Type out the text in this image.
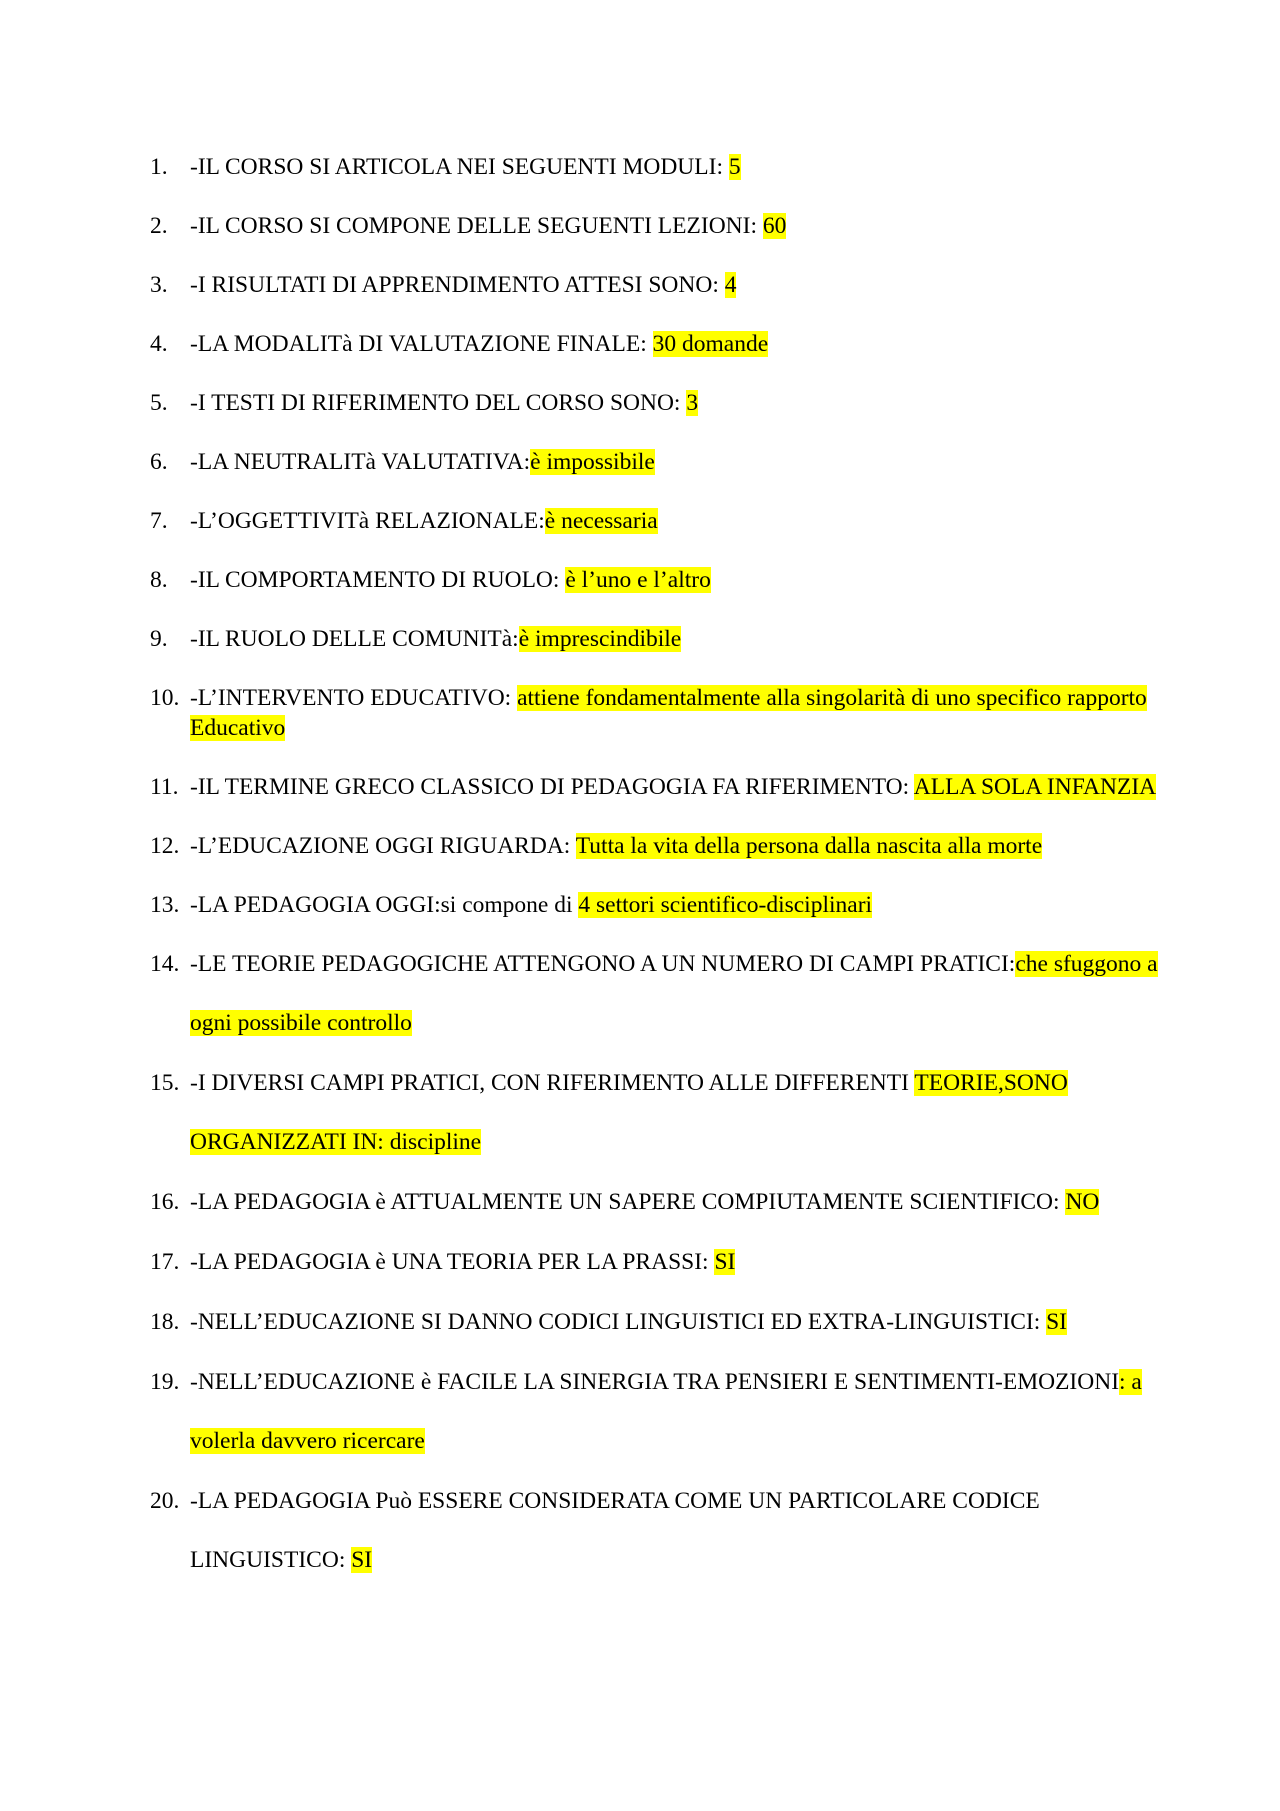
1. -IL CORSO SI ARTICOLA NEI SEGUENTI MODULI: 5
2. -IL CORSO SI COMPONE DELLE SEGUENTI LEZIONI: 60
3. -I RISULTATI DI APPRENDIMENTO ATTESI SONO: 4
4. -LA MODALITà DI VALUTAZIONE FINALE: 30 domande
5. -I TESTI DI RIFERIMENTO DEL CORSO SONO: 3
6. -LA NEUTRALITà VALUTATIVA:è impossibile
7. -L’OGGETTIVITà RELAZIONALE:è necessaria
8. -IL COMPORTAMENTO DI RUOLO: è l’uno e l’altro
9. -IL RUOLO DELLE COMUNITà:è imprescindibile
10. -L’INTERVENTO EDUCATIVO: attiene fondamentalmente alla singolarità di uno specifico rapporto Educativo
11. -IL TERMINE GRECO CLASSICO DI PEDAGOGIA FA RIFERIMENTO: ALLA SOLA INFANZIA
12. -L’EDUCAZIONE OGGI RIGUARDA: Tutta la vita della persona dalla nascita alla morte
13. -LA PEDAGOGIA OGGI:si compone di 4 settori scientifico-disciplinari
14. -LE TEORIE PEDAGOGICHE ATTENGONO A UN NUMERO DI CAMPI PRATICI:che sfuggono a ogni possibile controllo
15. -I DIVERSI CAMPI PRATICI, CON RIFERIMENTO ALLE DIFFERENTI TEORIE,SONO ORGANIZZATI IN: discipline
16. -LA PEDAGOGIA è ATTUALMENTE UN SAPERE COMPIUTAMENTE SCIENTIFICO: NO
17. -LA PEDAGOGIA è UNA TEORIA PER LA PRASSI: SI
18. -NELL’EDUCAZIONE SI DANNO CODICI LINGUISTICI ED EXTRA-LINGUISTICI: SI
19. -NELL’EDUCAZIONE è FACILE LA SINERGIA TRA PENSIERI E SENTIMENTI-EMOZIONI: a volerla davvero ricercare
20. -LA PEDAGOGIA Può ESSERE CONSIDERATA COME UN PARTICOLARE CODICE LINGUISTICO: SI
